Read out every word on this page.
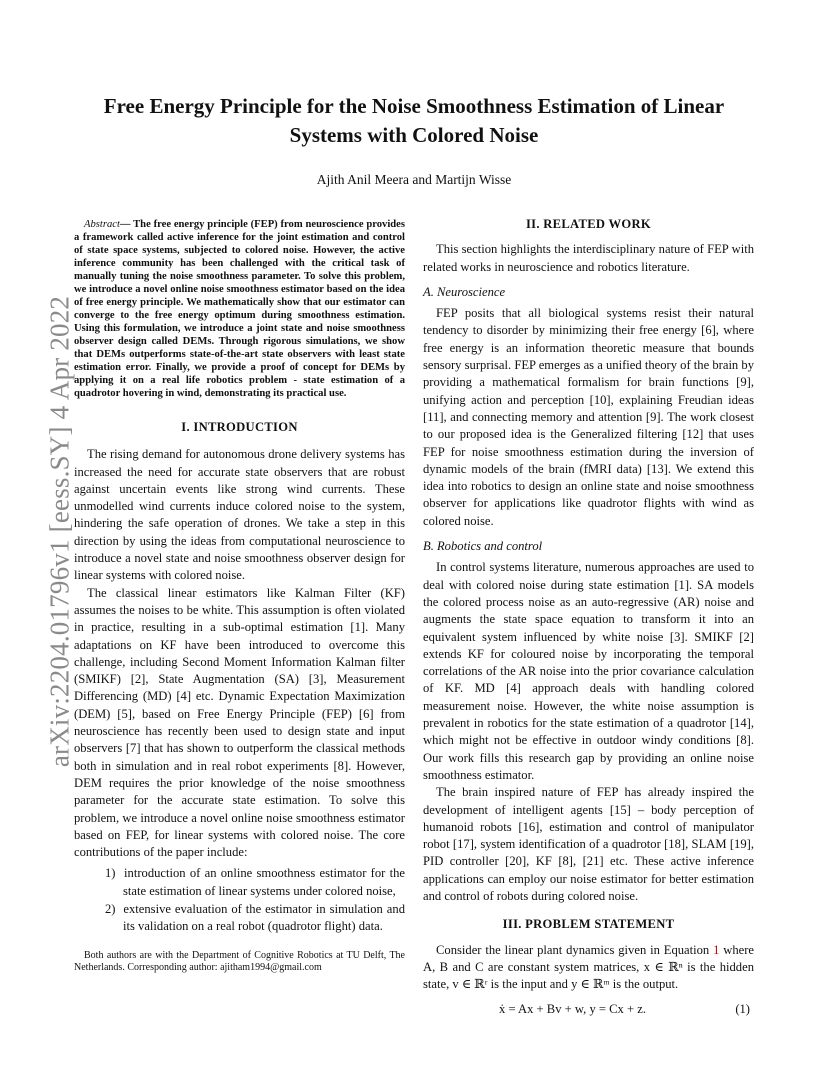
arXiv:2204.01796v1 [eess.SY] 4 Apr 2022
Free Energy Principle for the Noise Smoothness Estimation of Linear Systems with Colored Noise

Ajith Anil Meera and Martijn Wisse

Abstract— The free energy principle (FEP) from neuroscience provides a framework called active inference for the joint estimation and control of state space systems, subjected to colored noise. However, the active inference community has been challenged with the critical task of manually tuning the noise smoothness parameter. To solve this problem, we introduce a novel online noise smoothness estimator based on the idea of free energy principle. We mathematically show that our estimator can converge to the free energy optimum during smoothness estimation. Using this formulation, we introduce a joint state and noise smoothness observer design called DEMs. Through rigorous simulations, we show that DEMs outperforms state-of-the-art state observers with least state estimation error. Finally, we provide a proof of concept for DEMs by applying it on a real life robotics problem - state estimation of a quadrotor hovering in wind, demonstrating its practical use.

I. INTRODUCTION

The rising demand for autonomous drone delivery systems has increased the need for accurate state observers that are robust against uncertain events like strong wind currents. These unmodelled wind currents induce colored noise to the system, hindering the safe operation of drones. We take a step in this direction by using the ideas from computational neuroscience to introduce a novel state and noise smoothness observer design for linear systems with colored noise.

The classical linear estimators like Kalman Filter (KF) assumes the noises to be white. This assumption is often violated in practice, resulting in a sub-optimal estimation [1]. Many adaptations on KF have been introduced to overcome this challenge, including Second Moment Information Kalman filter (SMIKF) [2], State Augmentation (SA) [3], Measurement Differencing (MD) [4] etc. Dynamic Expectation Maximization (DEM) [5], based on Free Energy Principle (FEP) [6] from neuroscience has recently been used to design state and input observers [7] that has shown to outperform the classical methods both in simulation and in real robot experiments [8]. However, DEM requires the prior knowledge of the noise smoothness parameter for the accurate state estimation. To solve this problem, we introduce a novel online noise smoothness estimator based on FEP, for linear systems with colored noise. The core contributions of the paper include:

1)  introduction of an online smoothness estimator for the state estimation of linear systems under colored noise,
2)  extensive evaluation of the estimator in simulation and its validation on a real robot (quadrotor flight) data.

Both authors are with the Department of Cognitive Robotics at TU Delft, The Netherlands. Corresponding author: ajitham1994@gmail.com

II. RELATED WORK

This section highlights the interdisciplinary nature of FEP with related works in neuroscience and robotics literature.

A. Neuroscience

FEP posits that all biological systems resist their natural tendency to disorder by minimizing their free energy [6], where free energy is an information theoretic measure that bounds sensory surprisal. FEP emerges as a unified theory of the brain by providing a mathematical formalism for brain functions [9], unifying action and perception [10], explaining Freudian ideas [11], and connecting memory and attention [9]. The work closest to our proposed idea is the Generalized filtering [12] that uses FEP for noise smoothness estimation during the inversion of dynamic models of the brain (fMRI data) [13]. We extend this idea into robotics to design an online state and noise smoothness observer for applications like quadrotor flights with wind as colored noise.

B. Robotics and control

In control systems literature, numerous approaches are used to deal with colored noise during state estimation [1]. SA models the colored process noise as an auto-regressive (AR) noise and augments the state space equation to transform it into an equivalent system influenced by white noise [3]. SMIKF [2] extends KF for coloured noise by incorporating the temporal correlations of the AR noise into the prior covariance calculation of KF. MD [4] approach deals with handling colored measurement noise. However, the white noise assumption is prevalent in robotics for the state estimation of a quadrotor [14], which might not be effective in outdoor windy conditions [8]. Our work fills this research gap by providing an online noise smoothness estimator.

The brain inspired nature of FEP has already inspired the development of intelligent agents [15] – body perception of humanoid robots [16], estimation and control of manipulator robot [17], system identification of a quadrotor [18], SLAM [19], PID controller [20], KF [8], [21] etc. These active inference applications can employ our noise estimator for better estimation and control of robots during colored noise.

III. PROBLEM STATEMENT

Consider the linear plant dynamics given in Equation 1 where A, B and C are constant system matrices, x ∈ ℝⁿ is the hidden state, v ∈ ℝʳ is the input and y ∈ ℝᵐ is the output.

ẋ = Ax + Bv + w, y = Cx + z.	(1)
